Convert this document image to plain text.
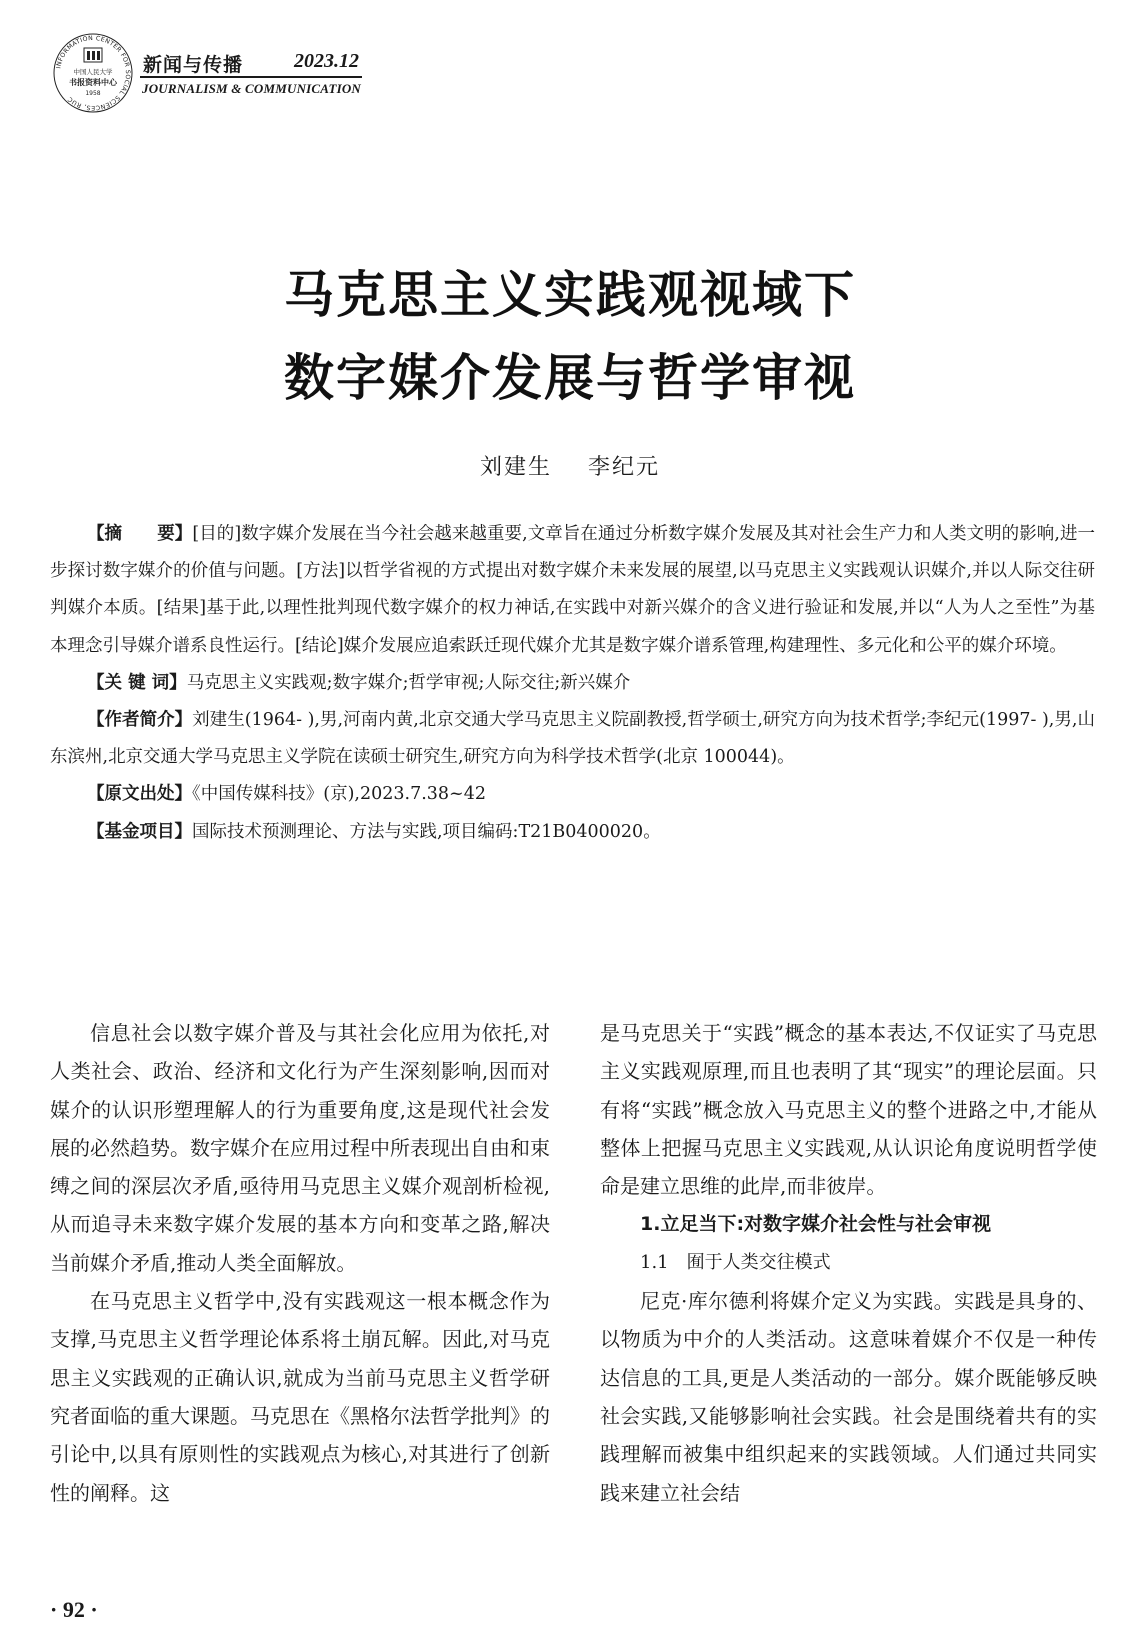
INFORMATION CENTER FOR SOCIAL SCIENCES, RUC
中国人民大学
书报资料中心
1958
新闻与传播	2023.12
JOURNALISM & COMMUNICATION
马克思主义实践观视域下
数字媒介发展与哲学审视
刘建生 李纪元

【摘　　要】[目的]数字媒介发展在当今社会越来越重要,文章旨在通过分析数字媒介发展及其对社会生产力和人类文明的影响,进一步探讨数字媒介的价值与问题。[方法]以哲学省视的方式提出对数字媒介未来发展的展望,以马克思主义实践观认识媒介,并以人际交往研判媒介本质。[结果]基于此,以理性批判现代数字媒介的权力神话,在实践中对新兴媒介的含义进行验证和发展,并以“人为人之至性”为基本理念引导媒介谱系良性运行。[结论]媒介发展应追索跃迁现代媒介尤其是数字媒介谱系管理,构建理性、多元化和公平的媒介环境。

【关 键 词】马克思主义实践观;数字媒介;哲学审视;人际交往;新兴媒介

【作者简介】刘建生(1964- ),男,河南内黄,北京交通大学马克思主义院副教授,哲学硕士,研究方向为技术哲学;李纪元(1997- ),男,山东滨州,北京交通大学马克思主义学院在读硕士研究生,研究方向为科学技术哲学(北京 100044)。

【原文出处】《中国传媒科技》(京),2023.7.38~42

【基金项目】国际技术预测理论、方法与实践,项目编码:T21B0400020。

信息社会以数字媒介普及与其社会化应用为依托,对人类社会、政治、经济和文化行为产生深刻影响,因而对媒介的认识形塑理解人的行为重要角度,这是现代社会发展的必然趋势。数字媒介在应用过程中所表现出自由和束缚之间的深层次矛盾,亟待用马克思主义媒介观剖析检视,从而追寻未来数字媒介发展的基本方向和变革之路,解决当前媒介矛盾,推动人类全面解放。

在马克思主义哲学中,没有实践观这一根本概念作为支撑,马克思主义哲学理论体系将土崩瓦解。因此,对马克思主义实践观的正确认识,就成为当前马克思主义哲学研究者面临的重大课题。马克思在《黑格尔法哲学批判》的引论中,以具有原则性的实践观点为核心,对其进行了创新性的阐释。这

是马克思关于“实践”概念的基本表达,不仅证实了马克思主义实践观原理,而且也表明了其“现实”的理论层面。只有将“实践”概念放入马克思主义的整个进路之中,才能从整体上把握马克思主义实践观,从认识论角度说明哲学使命是建立思维的此岸,而非彼岸。

1.立足当下:对数字媒介社会性与社会审视

1.1　囿于人类交往模式

尼克·库尔德利将媒介定义为实践。实践是具身的、以物质为中介的人类活动。这意味着媒介不仅是一种传达信息的工具,更是人类活动的一部分。媒介既能够反映社会实践,又能够影响社会实践。社会是围绕着共有的实践理解而被集中组织起来的实践领域。人们通过共同实践来建立社会结

· 92 ·
